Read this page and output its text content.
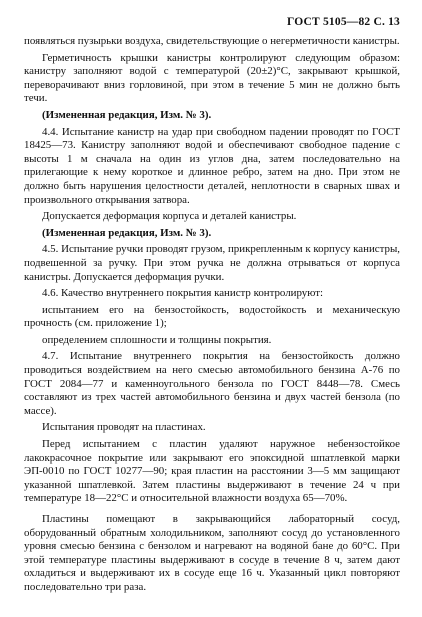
ГОСТ 5105—82 С. 13

появляться пузырьки воздуха, свидетельствующие о негерметичности канистры.

Герметичность крышки канистры контролируют следующим образом: канистру заполняют водой с температурой (20±2)°С, закрывают крышкой, переворачивают вниз горловиной, при этом в течение 5 мин не должно быть течи.

(Измененная редакция, Изм. № 3).

4.4. Испытание канистр на удар при свободном падении проводят по ГОСТ 18425—73. Канистру заполняют водой и обеспечивают свободное падение с высоты 1 м сначала на один из углов дна, затем последовательно на прилегающие к нему короткое и длинное ребро, затем на дно. При этом не должно быть нарушения целостности деталей, неплотности в сварных швах и произвольного открывания затвора.

Допускается деформация корпуса и деталей канистры.

(Измененная редакция, Изм. № 3).

4.5. Испытание ручки проводят грузом, прикрепленным к корпусу канистры, подвешенной за ручку. При этом ручка не должна отрываться от корпуса канистры. Допускается деформация ручки.

4.6. Качество внутреннего покрытия канистр контролируют:

испытанием его на бензостойкость, водостойкость и механическую прочность (см. приложение 1);

определением сплошности и толщины покрытия.

4.7. Испытание внутреннего покрытия на бензостойкость должно проводиться воздействием на него смесью автомобильного бензина А-76 по ГОСТ 2084—77 и каменноугольного бензола по ГОСТ 8448—78. Смесь составляют из трех частей автомобильного бензина и двух частей бензола (по массе).

Испытания проводят на пластинах.

Перед испытанием с пластин удаляют наружное небензостойкое лакокрасочное покрытие или закрывают его эпоксидной шпатлевкой марки ЭП-0010 по ГОСТ 10277—90; края пластин на расстоянии 3—5 мм защищают указанной шпатлевкой. Затем пластины выдерживают в течение 24 ч при температуре 18—22°С и относительной влажности воздуха 65—70%.

Пластины помещают в закрывающийся лабораторный сосуд, оборудованный обратным холодильником, заполняют сосуд до установленного уровня смесью бензина с бензолом и нагревают на водяной бане до 60°С. При этой температуре пластины выдерживают в сосуде в течение 8 ч, затем дают охладиться и выдерживают их в сосуде еще 16 ч. Указанный цикл повторяют последовательно три раза.
